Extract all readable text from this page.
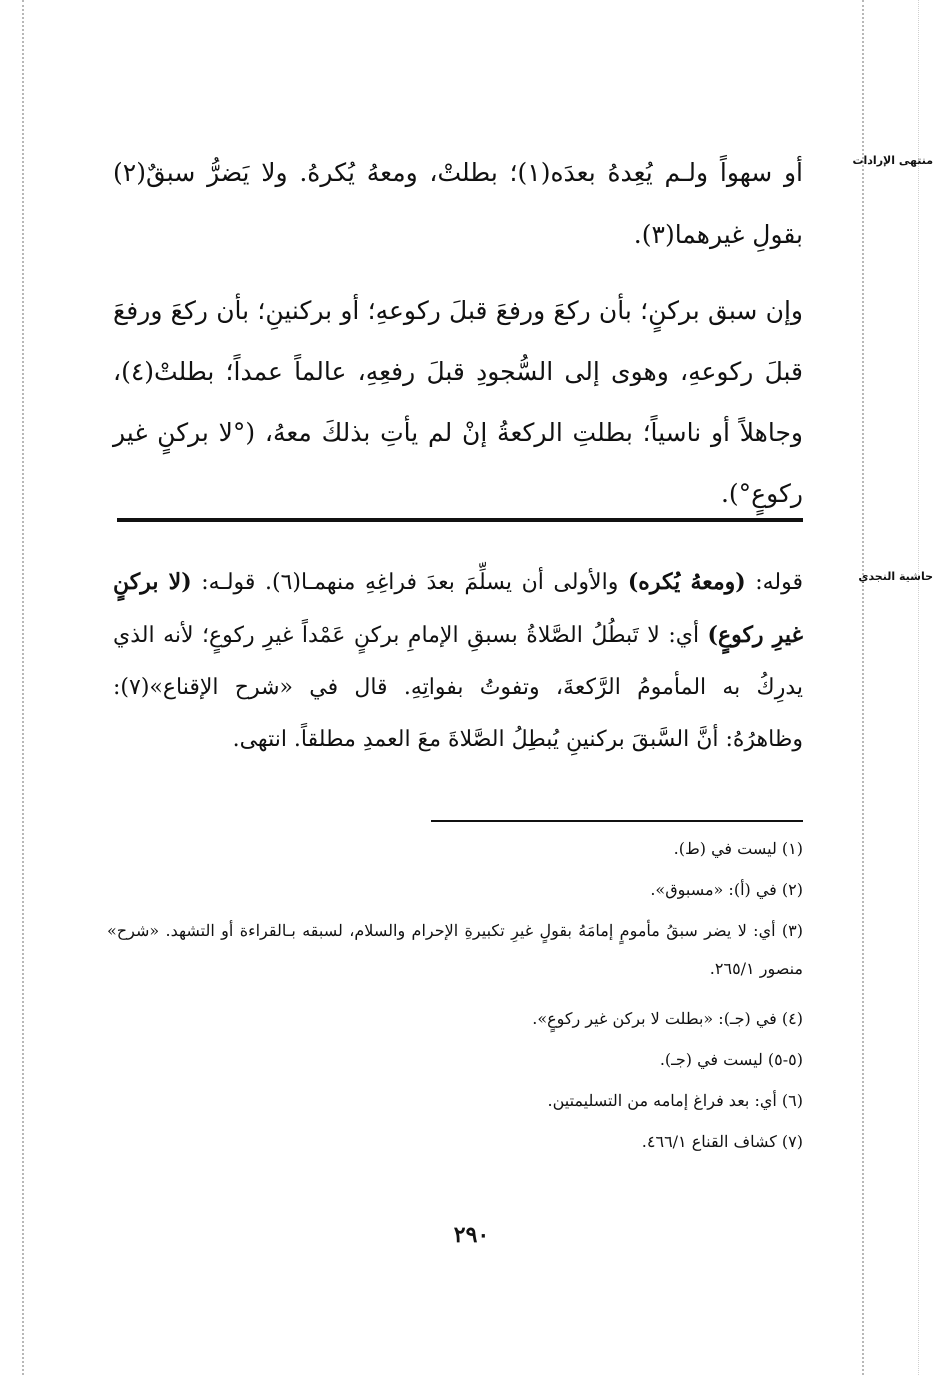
منتهى الإرادات
أو سهواً ولـم يُعِدهُ بعدَه(١)؛ بطلتْ، ومعهُ يُكرهُ. ولا يَضرُّ سبقٌ(٢) بقولِ غيرهما(٣).
وإن سبق بركنٍ؛ بأن ركعَ ورفعَ قبلَ ركوعهِ؛ أو بركنينِ؛ بأن ركعَ ورفعَ قبلَ ركوعهِ، وهوى إلى السُّجودِ قبلَ رفعِهِ، عالماً عمداً؛ بطلتْ(٤)، وجاهلاً أو ناسياً؛ بطلتِ الركعةُ إنْ لم يأتِ بذلكَ معهُ، (°لا بركنٍ غير ركوعٍ°).
حاشية النجدي
قوله: (ومعهُ يُكره) والأولى أن يسلِّمَ بعدَ فراغِهِ منهمـا(٦). قولـه: (لا بركنٍ غيرِ ركوعٍ) أي: لا تَبطُلُ الصَّلاةُ بسبقِ الإمامِ بركنٍ عَمْداً غيرِ ركوعٍ؛ لأنه الذي يدرِكُ به المأمومُ الرَّكعةَ، وتفوتُ بفواتِهِ. قال في «شرح الإقناع»(٧): وظاهرُهُ: أنَّ السَّبقَ بركنينِ يُبطِلُ الصَّلاةَ معَ العمدِ مطلقاً. انتهى.
(١) ليست في (ط).
(٢) في (أ): «مسبوق».
(٣) أي: لا يضر سبقُ مأمومٍ إمامَهُ بقولٍ غيرِ تكبيرةِ الإحرام والسلام، لسبقه بـالقراءة أو التشهد. «شرح» منصور ٢٦٥/١.
(٤) في (جـ): «بطلت لا بركن غير ركوعٍ».
(٥-٥) ليست في (جـ).
(٦) أي: بعد فراغ إمامه من التسليمتين.
(٧) كشاف القناع ٤٦٦/١.
٢٩٠
